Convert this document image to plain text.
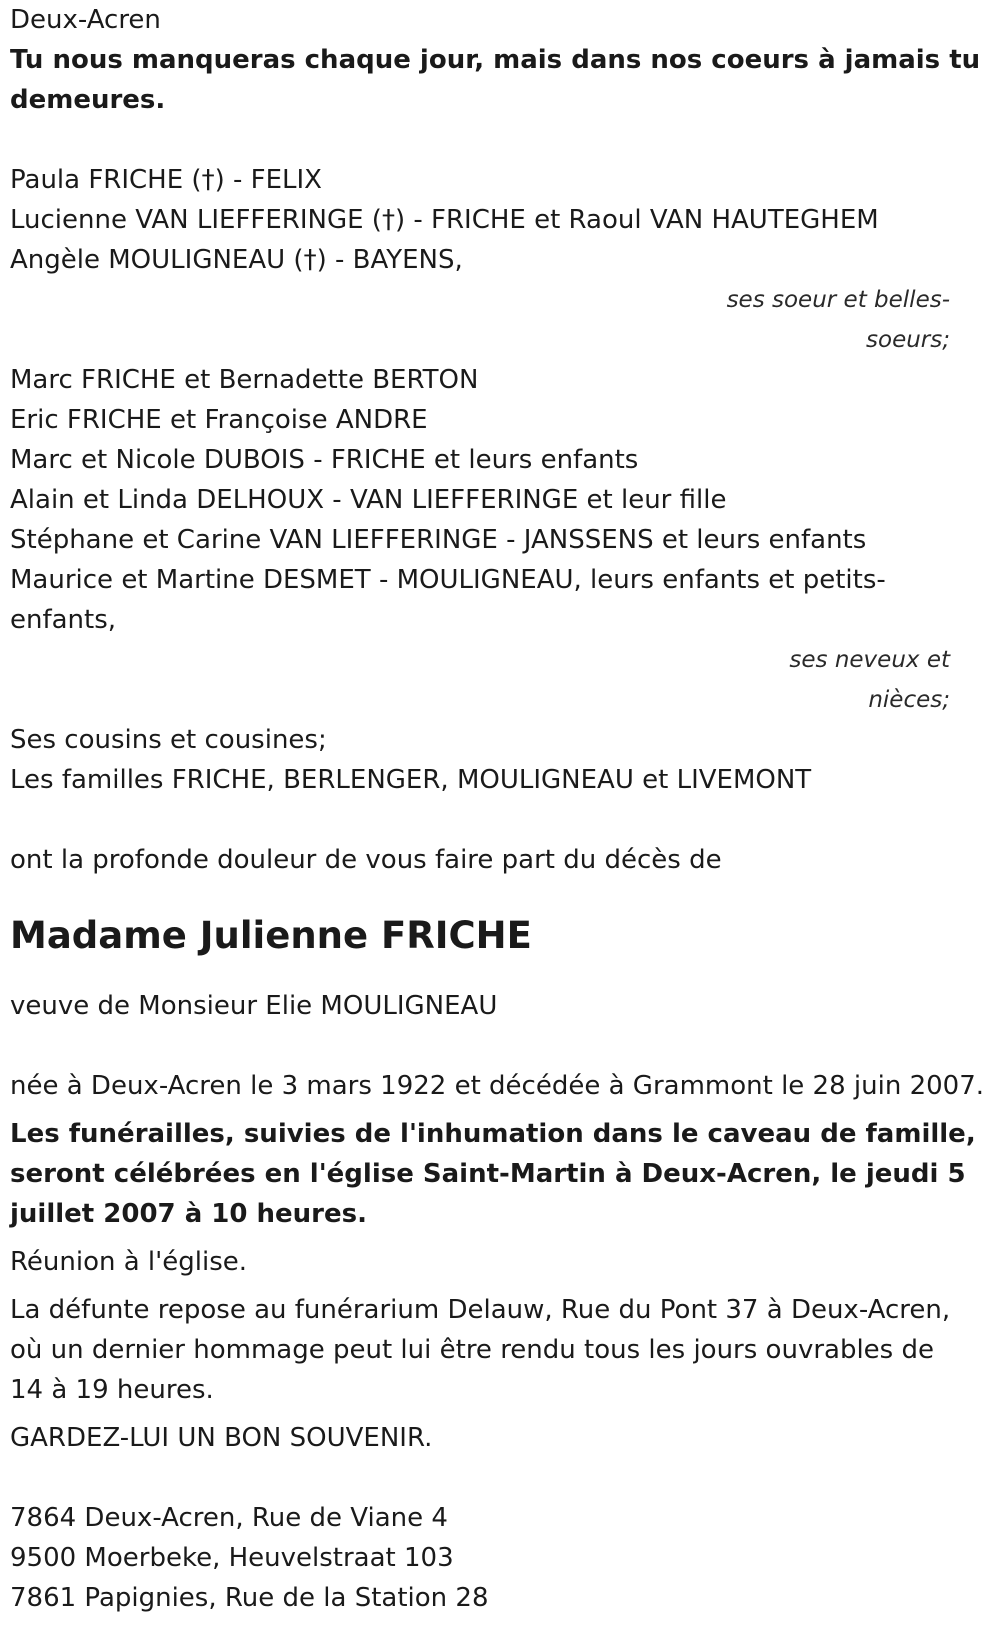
Deux-Acren
Tu nous manqueras chaque jour, mais dans nos coeurs à jamais tu
demeures.
Paula FRICHE (†) - FELIX
Lucienne VAN LIEFFERINGE (†) - FRICHE et Raoul VAN HAUTEGHEM
Angèle MOULIGNEAU (†) - BAYENS,
ses soeur et belles-
soeurs;
Marc FRICHE et Bernadette BERTON
Eric FRICHE et Françoise ANDRE
Marc et Nicole DUBOIS - FRICHE et leurs enfants
Alain et Linda DELHOUX - VAN LIEFFERINGE et leur fille
Stéphane et Carine VAN LIEFFERINGE - JANSSENS et leurs enfants
Maurice et Martine DESMET - MOULIGNEAU, leurs enfants et petits-
enfants,
ses neveux et
nièces;
Ses cousins et cousines;
Les familles FRICHE, BERLENGER, MOULIGNEAU et LIVEMONT
ont la profonde douleur de vous faire part du décès de
Madame Julienne FRICHE
veuve de Monsieur Elie MOULIGNEAU
née à Deux-Acren le 3 mars 1922 et décédée à Grammont le 28 juin 2007.
Les funérailles, suivies de l'inhumation dans le caveau de famille,
seront célébrées en l'église Saint-Martin à Deux-Acren, le jeudi 5
juillet 2007 à 10 heures.
Réunion à l'église.
La défunte repose au funérarium Delauw, Rue du Pont 37 à Deux-Acren,
où un dernier hommage peut lui être rendu tous les jours ouvrables de
14 à 19 heures.
GARDEZ-LUI UN BON SOUVENIR.
7864 Deux-Acren, Rue de Viane 4
9500 Moerbeke, Heuvelstraat 103
7861 Papignies, Rue de la Station 28
